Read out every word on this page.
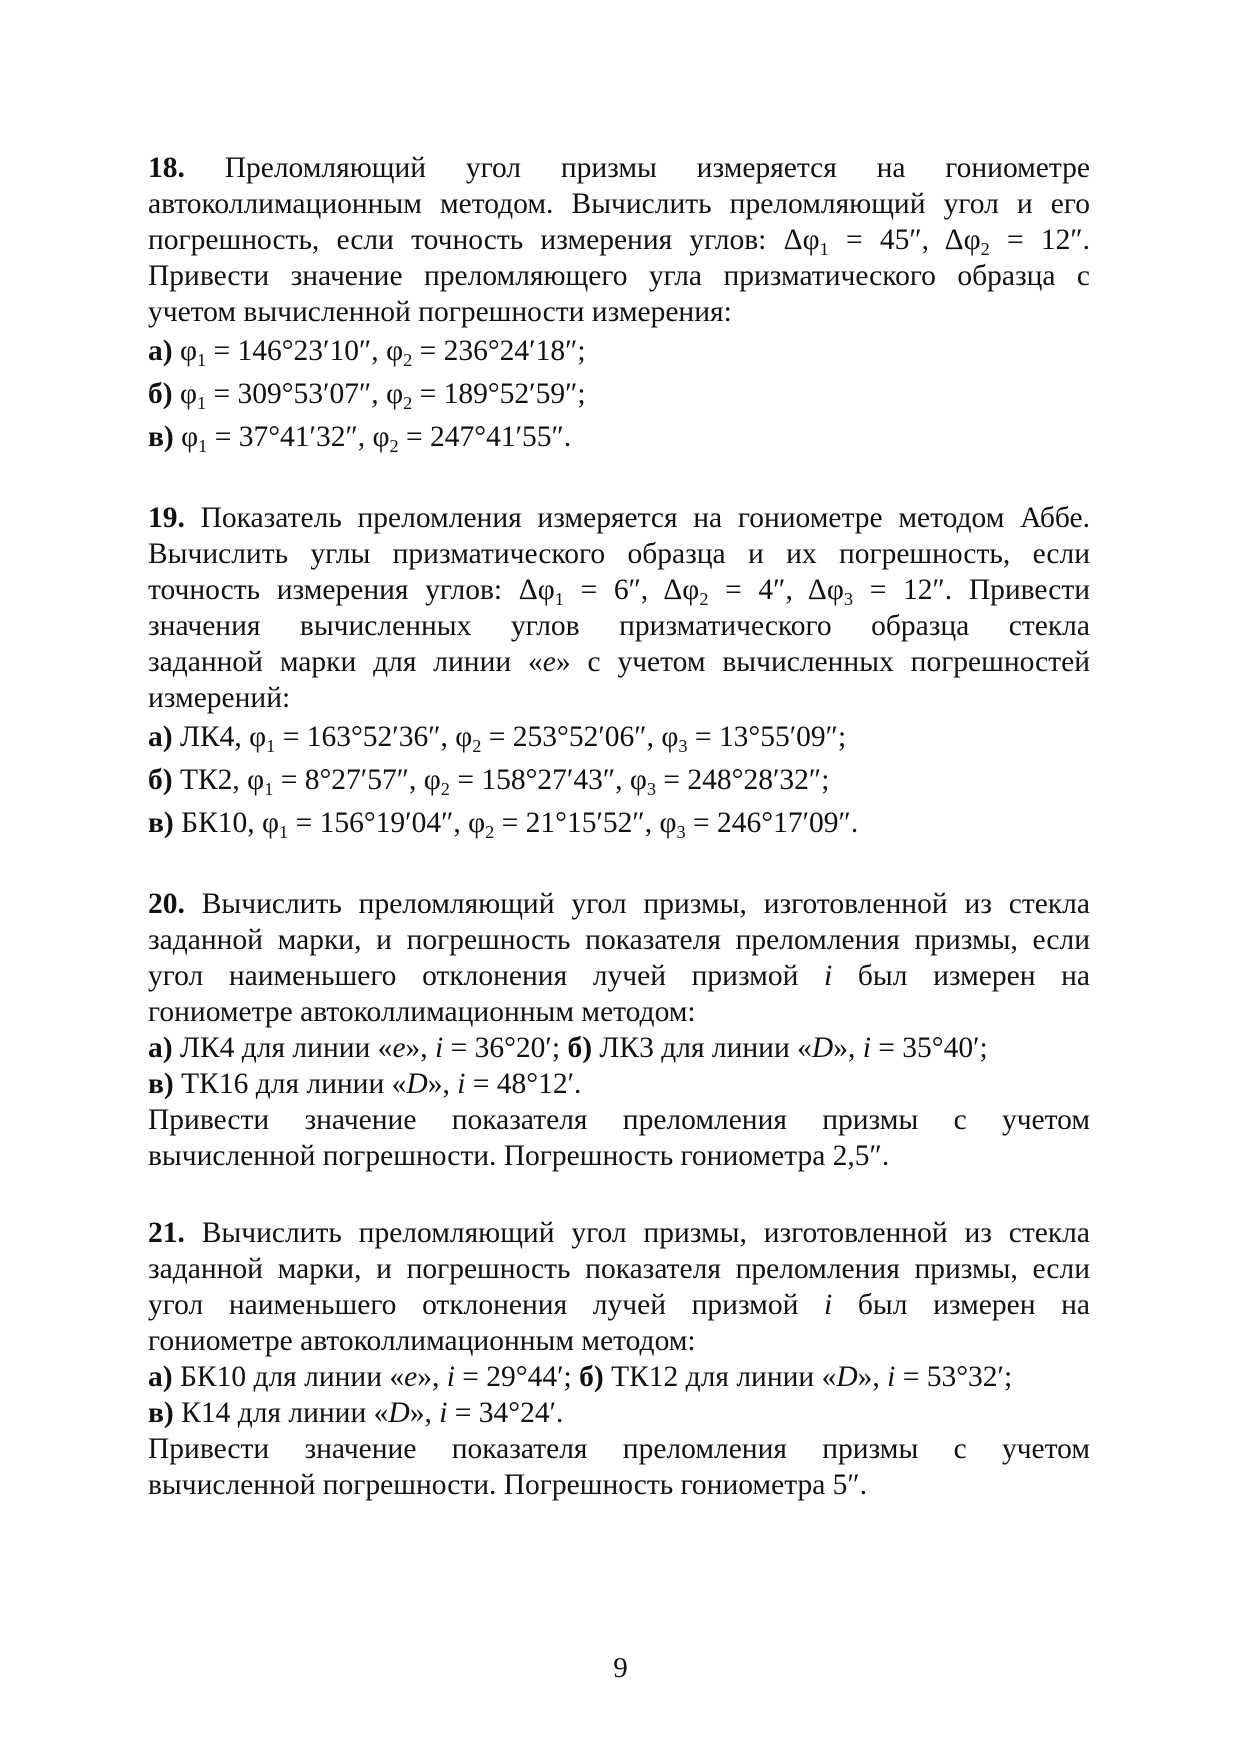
18. Преломляющий угол призмы измеряется на гониометре
автоколлимационным методом. Вычислить преломляющий угол и его
погрешность, если точность измерения углов: $\Delta\varphi_1 = 45''$, $\Delta\varphi_2 = 12''$.
Привести значение преломляющего угла призматического образца с
учетом вычисленной погрешности измерения:
а) $\varphi_1 = 146^\circ 23'10''$, $\varphi_2 = 236^\circ 24'18''$;
б) $\varphi_1 = 309^\circ 53'07''$, $\varphi_2 = 189^\circ 52'59''$;
в) $\varphi_1 = 37^\circ 41'32''$, $\varphi_2 = 247^\circ 41'55''$.
19. Показатель преломления измеряется на гониометре методом Аббе.
Вычислить углы призматического образца и их погрешность, если
точность измерения углов: $\Delta\varphi_1 = 6''$, $\Delta\varphi_2 = 4''$, $\Delta\varphi_3 = 12''$. Привести
значения вычисленных углов призматического образца стекла
заданной марки для линии «e» с учетом вычисленных погрешностей
измерений:
а) ЛК4, $\varphi_1 = 163^\circ 52'36''$, $\varphi_2 = 253^\circ 52'06''$, $\varphi_3 = 13^\circ 55'09''$;
б) ТК2, $\varphi_1 = 8^\circ 27'57''$, $\varphi_2 = 158^\circ 27'43''$, $\varphi_3 = 248^\circ 28'32''$;
в) БК10, $\varphi_1 = 156^\circ 19'04''$, $\varphi_2 = 21^\circ 15'52''$, $\varphi_3 = 246^\circ 17'09''$.
20. Вычислить преломляющий угол призмы, изготовленной из стекла
заданной марки, и погрешность показателя преломления призмы, если
угол наименьшего отклонения лучей призмой i был измерен на
гониометре автоколлимационным методом:
а) ЛК4 для линии «e», i = 36°20′; б) ЛК3 для линии «D», i = 35°40′;
в) ТК16 для линии «D», i = 48°12′.
Привести значение показателя преломления призмы с учетом
вычисленной погрешности. Погрешность гониометра 2,5″.
21. Вычислить преломляющий угол призмы, изготовленной из стекла
заданной марки, и погрешность показателя преломления призмы, если
угол наименьшего отклонения лучей призмой i был измерен на
гониометре автоколлимационным методом:
а) БК10 для линии «e», i = 29°44′; б) ТК12 для линии «D», i = 53°32′;
в) К14 для линии «D», i = 34°24′.
Привести значение показателя преломления призмы с учетом
вычисленной погрешности. Погрешность гониометра 5″.
9
